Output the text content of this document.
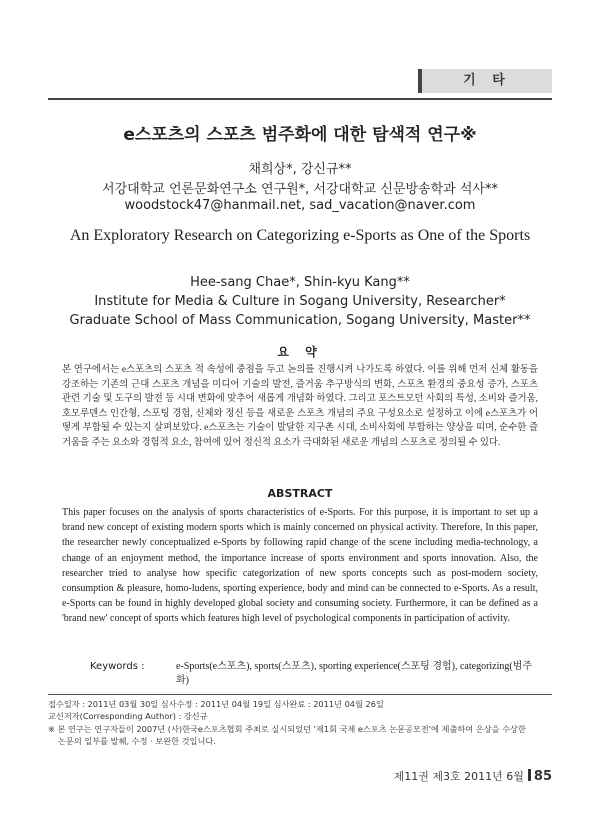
기 타
e스포츠의 스포츠 범주화에 대한 탐색적 연구※
채희상*, 강신규**
서강대학교 언론문화연구소 연구원*, 서강대학교 신문방송학과 석사**
woodstock47@hanmail.net, sad_vacation@naver.com
An Exploratory Research on Categorizing e-Sports as One of the Sports
Hee-sang Chae*, Shin-kyu Kang**
Institute for Media & Culture in Sogang University, Researcher*
Graduate School of Mass Communication, Sogang University, Master**
요 약
본 연구에서는 e스포츠의 스포츠 적 속성에 중점을 두고 논의를 진행시켜 나가도록 하였다. 이를 위해 먼저 신체 활동을 강조하는 기존의 근대 스포츠 개념을 미디어 기술의 발전, 즐거움 추구방식의 변화, 스포츠 환경의 중요성 증가, 스포츠 관련 기술 및 도구의 발전 등 시대 변화에 맞추어 새롭게 개념화 하였다. 그리고 포스트모던 사회의 특성, 소비와 즐거움, 호모루덴스 인간형, 스포팅 경험, 신체와 정신 등을 새로운 스포츠 개념의 주요 구성요소로 설정하고 이에 e스포츠가 어떻게 부합될 수 있는지 살펴보았다. e스포츠는 기술이 발달한 지구촌 시대, 소비사회에 부합하는 양상을 띠며, 순수한 즐거움을 주는 요소와 경험적 요소, 참여에 있어 정신적 요소가 극대화된 새로운 개념의 스포츠로 정의될 수 있다.
ABSTRACT
This paper focuses on the analysis of sports characteristics of e-Sports. For this purpose, it is important to set up a brand new concept of existing modern sports which is mainly concerned on physical activity. Therefore, In this paper, the researcher newly conceptualized e-Sports by following rapid change of the scene including media-technology, a change of an enjoyment method, the importance increase of sports environment and sports innovation. Also, the researcher tried to analyse how specific categorization of new sports concepts such as post-modern society, consumption & pleasure, homo-ludens, sporting experience, body and mind can be connected to e-Sports. As a result, e-Sports can be found in highly developed global society and consuming society. Furthermore, it can be defined as a 'brand new' concept of sports which features high level of psychological components in participation of activity.
Keywords :	e-Sports(e스포츠), sports(스포츠), sporting experience(스포팅 경험), categorizing(범주화)
접수일자 : 2011년 03월 30일 심사수정 : 2011년 04월 19일 심사완료 : 2011년 04월 26일
교신저자(Corresponding Author) : 강신규
※ 본 연구는 연구자들이 2007년 (사)한국e스포츠협회 주최로 실시되었던 '제1회 국제 e스포츠 논문공모전'에 제출하여 은상을 수상한
논문의 일부를 발췌, 수정 · 보완한 것입니다.
제11권 제3호 2011년 6월 85
